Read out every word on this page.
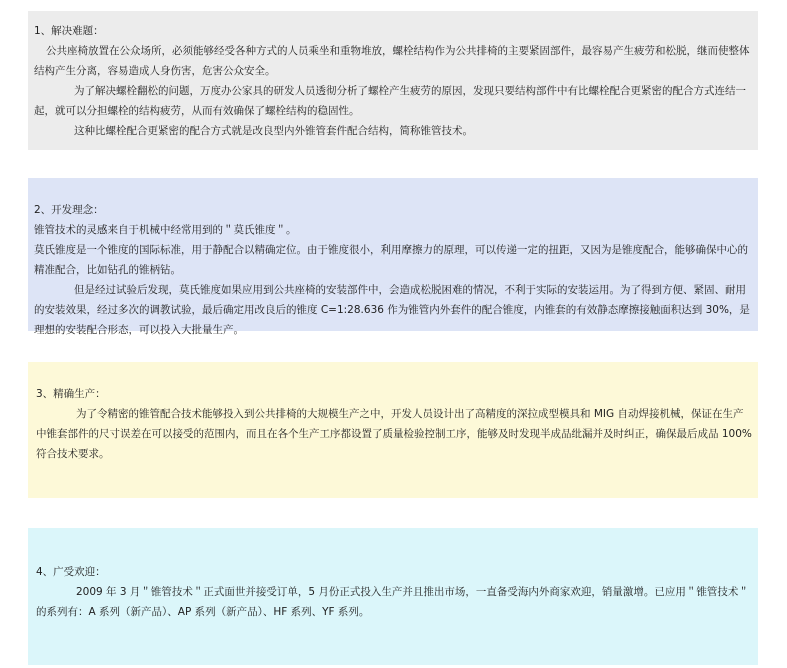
1、解决难题：

公共座椅放置在公众场所，必须能够经受各种方式的人员乘坐和重物堆放，螺栓结构作为公共排椅的主要紧固部件，最容易产生疲劳和松脱，继而使整体结构产生分离，容易造成人身伤害，危害公众安全。

为了解决螺栓翻松的问题，万度办公家具的研发人员透彻分析了螺栓产生疲劳的原因，发现只要结构部件中有比螺栓配合更紧密的配合方式连结一起，就可以分担螺栓的结构疲劳，从而有效确保了螺栓结构的稳固性。

这种比螺栓配合更紧密的配合方式就是改良型内外锥管套件配合结构，简称锥管技术。

2、开发理念：

锥管技术的灵感来自于机械中经常用到的＂莫氏锥度＂。

莫氏锥度是一个锥度的国际标准，用于静配合以精确定位。由于锥度很小，利用摩擦力的原理，可以传递一定的扭距，又因为是锥度配合，能够确保中心的精准配合，比如钻孔的锥柄钻。

但是经过试验后发现，莫氏锥度如果应用到公共座椅的安装部件中，会造成松脱困难的情况，不利于实际的安装运用。为了得到方便、紧固、耐用的安装效果，经过多次的调教试验，最后确定用改良后的锥度 C=1:28.636 作为锥管内外套件的配合锥度，内锥套的有效静态摩擦接触面积达到 30%，是理想的安装配合形态，可以投入大批量生产。

3、精确生产：

为了令精密的锥管配合技术能够投入到公共排椅的大规模生产之中，开发人员设计出了高精度的深拉成型模具和 MIG 自动焊接机械，保证在生产中锥套部件的尺寸误差在可以接受的范围内，而且在各个生产工序都设置了质量检验控制工序，能够及时发现半成品纰漏并及时纠正，确保最后成品 100% 符合技术要求。

4、广受欢迎：

2009 年 3 月＂锥管技术＂正式面世并接受订单，5 月份正式投入生产并且推出市场，一直备受海内外商家欢迎，销量激增。已应用＂锥管技术＂的系列有：A 系列（新产品）、AP 系列（新产品）、HF 系列、YF 系列。
